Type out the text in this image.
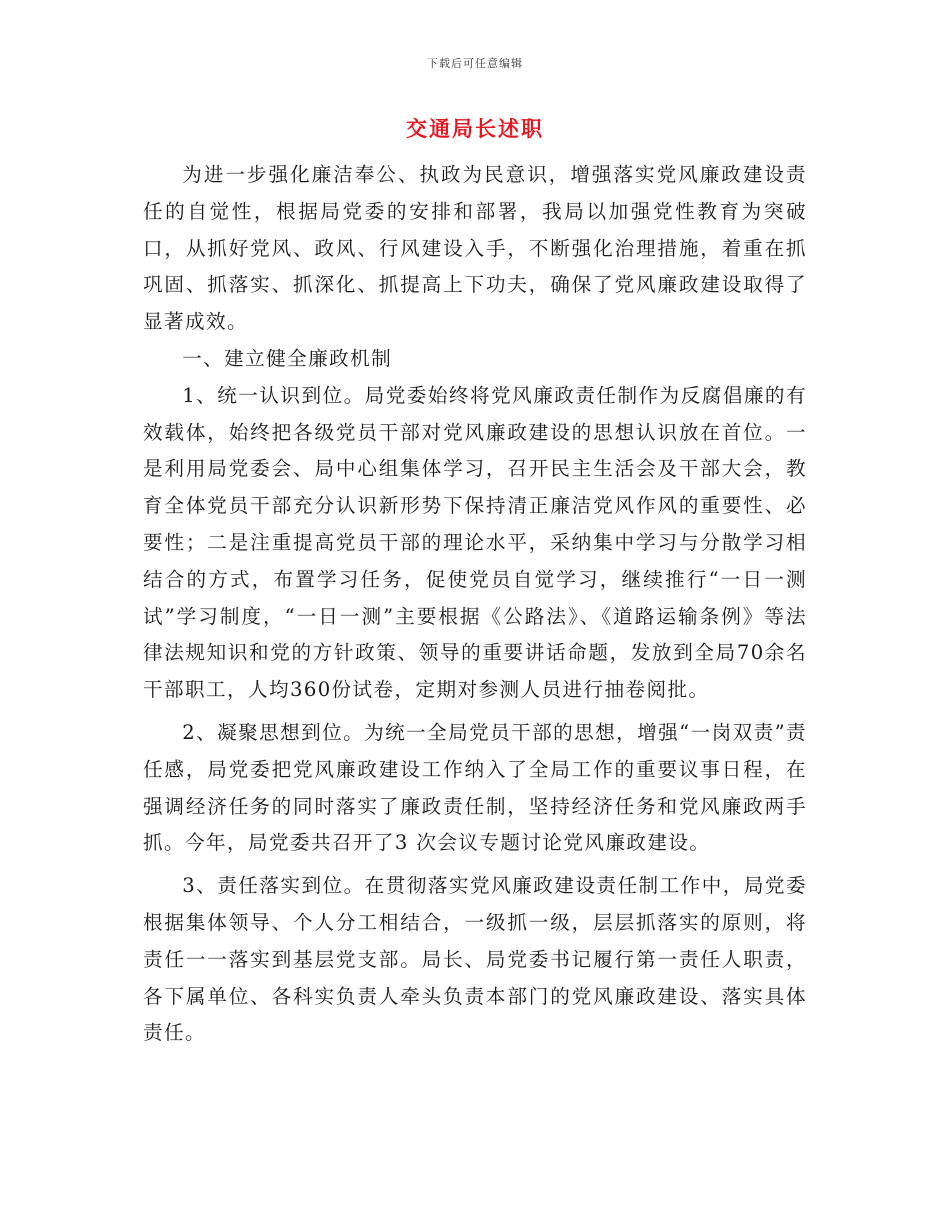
下载后可任意编辑
交通局长述职

为进一步强化廉洁奉公、执政为民意识，增强落实党风廉政建设责任的自觉性，根据局党委的安排和部署，我局以加强党性教育为突破口，从抓好党风、政风、行风建设入手，不断强化治理措施，着重在抓巩固、抓落实、抓深化、抓提高上下功夫，确保了党风廉政建设取得了显著成效。

一、建立健全廉政机制

1、统一认识到位。局党委始终将党风廉政责任制作为反腐倡廉的有效载体，始终把各级党员干部对党风廉政建设的思想认识放在首位。一是利用局党委会、局中心组集体学习，召开民主生活会及干部大会，教育全体党员干部充分认识新形势下保持清正廉洁党风作风的重要性、必要性；二是注重提高党员干部的理论水平，采纳集中学习与分散学习相结合的方式，布置学习任务，促使党员自觉学习，继续推行“一日一测试”学习制度，“一日一测”主要根据《公路法》、《道路运输条例》等法律法规知识和党的方针政策、领导的重要讲话命题，发放到全局70余名干部职工，人均360份试卷，定期对参测人员进行抽卷阅批。

2、凝聚思想到位。为统一全局党员干部的思想，增强“一岗双责”责任感，局党委把党风廉政建设工作纳入了全局工作的重要议事日程，在强调经济任务的同时落实了廉政责任制，坚持经济任务和党风廉政两手抓。今年，局党委共召开了3 次会议专题讨论党风廉政建设。

3、责任落实到位。在贯彻落实党风廉政建设责任制工作中，局党委根据集体领导、个人分工相结合，一级抓一级，层层抓落实的原则，将责任一一落实到基层党支部。局长、局党委书记履行第一责任人职责，各下属单位、各科实负责人牵头负责本部门的党风廉政建设、落实具体责任。
